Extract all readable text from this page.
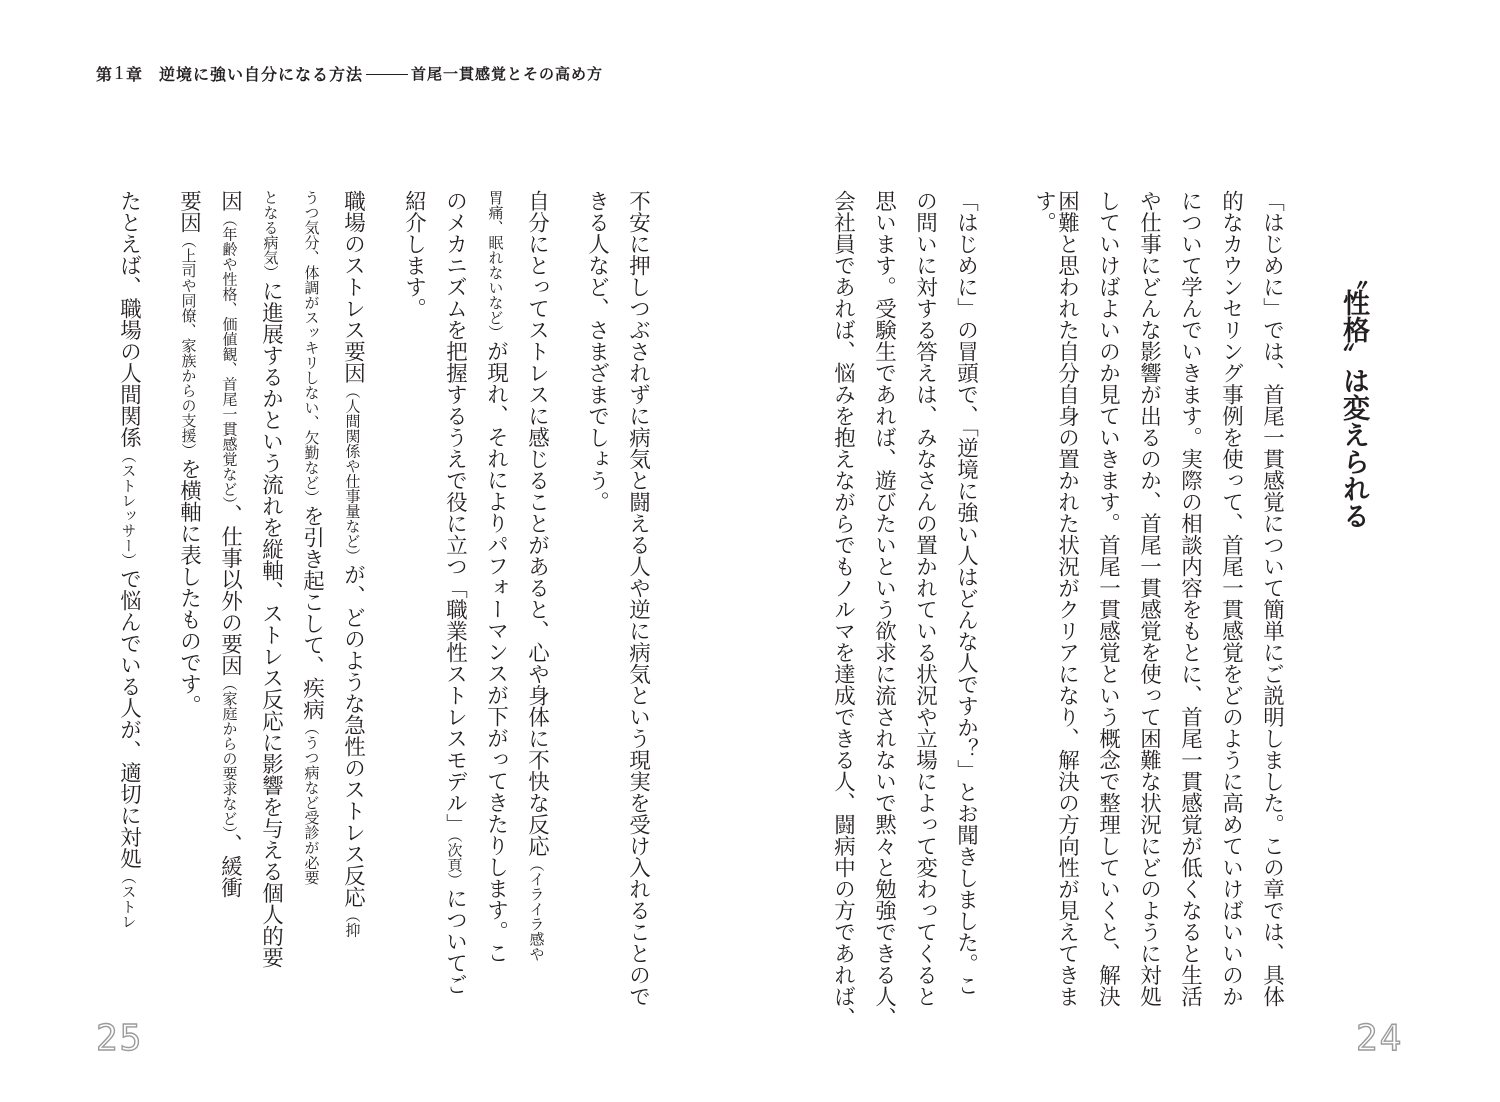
第 1 章 逆境に強い自分になる方法	首尾一貫感覚とその高め方
「はじめに」では、首尾一貫感覚について簡単にご説明しました。この章では、具体
的なカウンセリング事例を使って、首尾一貫感覚をどのように高めていけばいいのか
について学んでいきます。実際の相談内容をもとに、首尾一貫感覚が低くなると生活
や仕事にどんな影響が出るのか、首尾一貫感覚を使って困難な状況にどのように対処
していけばよいのか見ていきます。首尾一貫感覚という概念で整理していくと、解決
困難と思われた自分自身の置かれた状況がクリアになり、解決の方向性が見えてきま
す。
〝性格〟は変えられる
「はじめに」の冒頭で、「逆境に強い人はどんな人ですか？」とお聞きしました。こ
の問いに対する答えは、みなさんの置かれている状況や立場によって変わってくると
思います。受験生であれば、遊びたいという欲求に流されないで黙々と勉強できる人、
会社員であれば、悩みを抱えながらでもノルマを達成できる人、闘病中の方であれば、
24
不安に押しつぶされずに病気と闘える人や逆に病気という現実を受け入れることので
きる人など、さまざまでしょう。
自分にとってストレスに感じることがあると、心や身体に不快な反応（イライラ感や
胃痛、眠れないなど）が現れ、それによりパフォーマンスが下がってきたりします。こ
のメカニズムを把握するうえで役に立つ「職業性ストレスモデル」（次頁）についてご
紹介します。
職場のストレス要因（人間関係や仕事量など）が、どのような急性のストレス反応（抑
うつ気分、体調がスッキリしない、欠勤など）を引き起こして、疾病（うつ病など受診が必要
となる病気）に進展するかという流れを縦軸、ストレス反応に影響を与える個人的要
因（年齢や性格、価値観、首尾一貫感覚など）、仕事以外の要因（家庭からの要求など）、緩衝
要因（上司や同僚、家族からの支援）を横軸に表したものです。
たとえば、職場の人間関係（ストレッサー）で悩んでいる人が、適切に対処（ストレ
25
